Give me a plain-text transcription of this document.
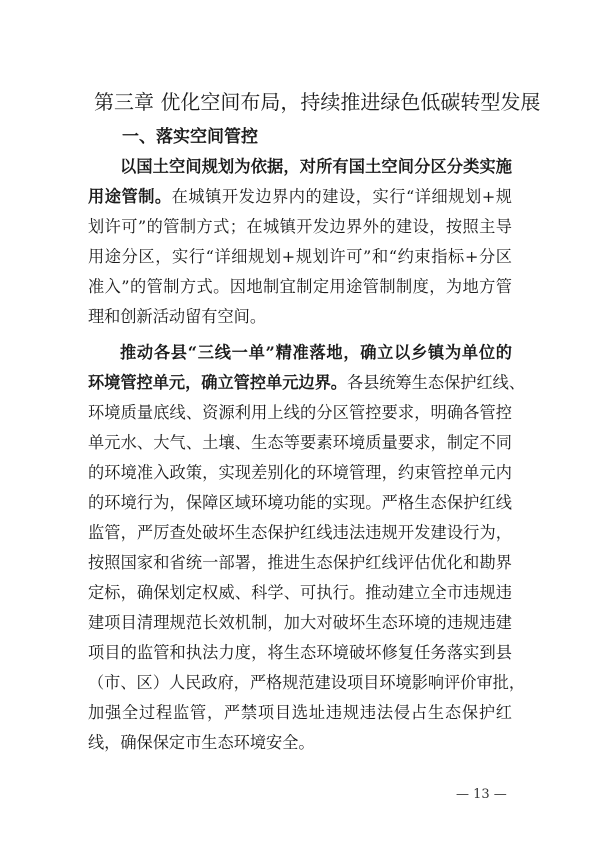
第三章 优化空间布局，持续推进绿色低碳转型发展
一、落实空间管控
以国土空间规划为依据，对所有国土空间分区分类实施
用途管制。在城镇开发边界内的建设，实行“详细规划+规
划许可”的管制方式；在城镇开发边界外的建设，按照主导
用途分区，实行“详细规划+规划许可”和“约束指标+分区
准入”的管制方式。因地制宜制定用途管制制度，为地方管
理和创新活动留有空间。
推动各县“三线一单”精准落地，确立以乡镇为单位的
环境管控单元，确立管控单元边界。各县统筹生态保护红线、
环境质量底线、资源利用上线的分区管控要求，明确各管控
单元水、大气、土壤、生态等要素环境质量要求，制定不同
的环境准入政策，实现差别化的环境管理，约束管控单元内
的环境行为，保障区域环境功能的实现。严格生态保护红线
监管，严厉查处破坏生态保护红线违法违规开发建设行为，
按照国家和省统一部署，推进生态保护红线评估优化和勘界
定标，确保划定权威、科学、可执行。推动建立全市违规违
建项目清理规范长效机制，加大对破坏生态环境的违规违建
项目的监管和执法力度，将生态环境破坏修复任务落实到县
（市、区）人民政府，严格规范建设项目环境影响评价审批，
加强全过程监管，严禁项目选址违规违法侵占生态保护红
线，确保保定市生态环境安全。
— 13 —
